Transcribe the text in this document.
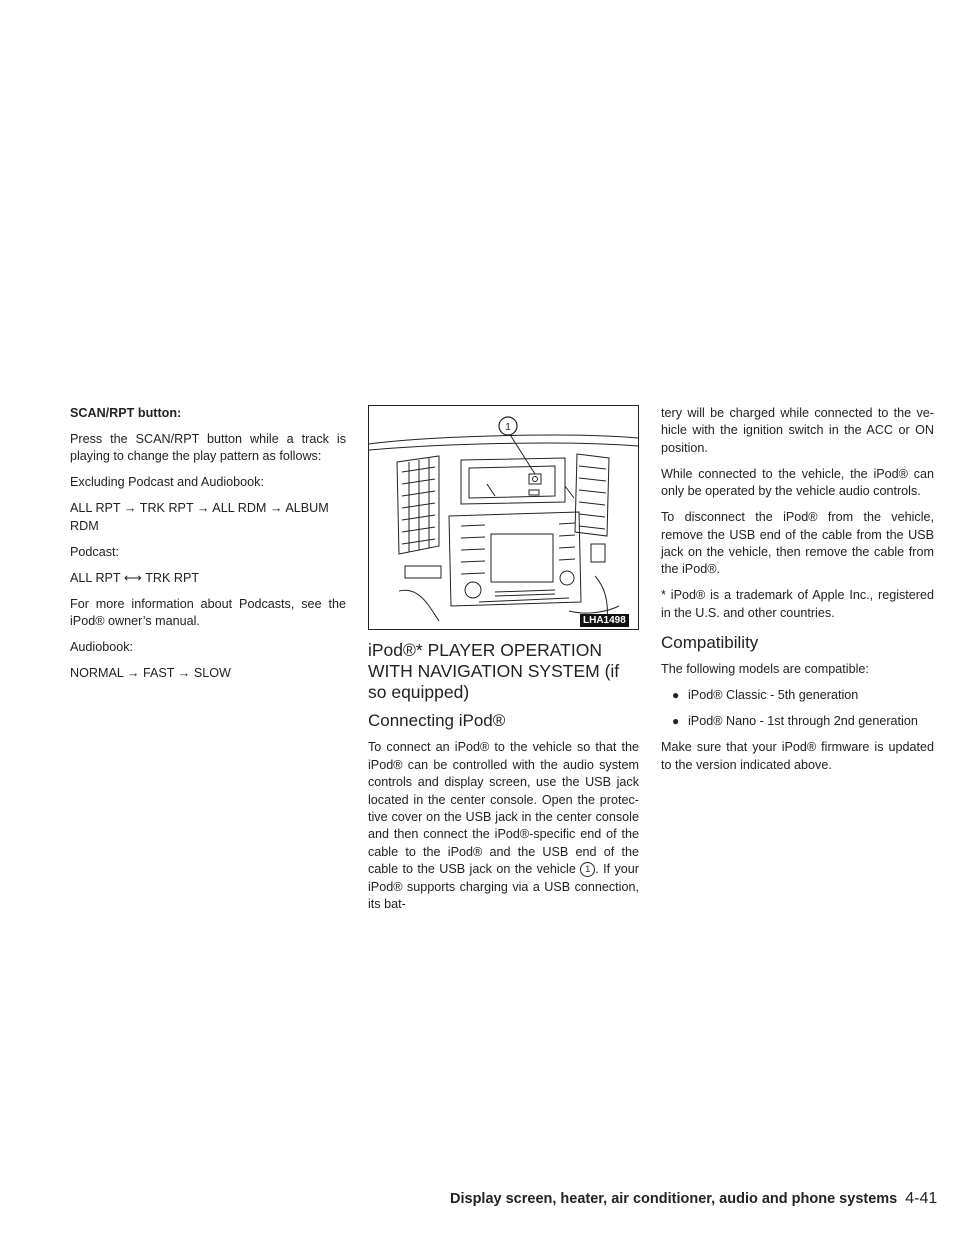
SCAN/RPT button:

Press the SCAN/RPT button while a track is playing to change the play pattern as follows:

Excluding Podcast and Audiobook:

ALL RPT → TRK RPT → ALL RDM → ALBUM RDM

Podcast:

ALL RPT ⟷ TRK RPT

For more information about Podcasts, see the iPod® owner’s manual.

Audiobook:

NORMAL → FAST → SLOW

1
LHA1498
iPod®* PLAYER OPERATION WITH NAVIGATION SYSTEM (if so equipped)
Connecting iPod®

To connect an iPod® to the vehicle so that the iPod® can be controlled with the audio system controls and display screen, use the USB jack located in the center console. Open the protec- tive cover on the USB jack in the center console and then connect the iPod®-specific end of the cable to the iPod® and the USB end of the cable to the USB jack on the vehicle 1 . If your iPod® supports charging via a USB connection, its bat-

tery will be charged while connected to the ve- hicle with the ignition switch in the ACC or ON position.

While connected to the vehicle, the iPod® can only be operated by the vehicle audio controls.

To disconnect the iPod® from the vehicle, remove the USB end of the cable from the USB jack on the vehicle, then remove the cable from the iPod®.

* iPod® is a trademark of Apple Inc., registered in the U.S. and other countries.

Compatibility

The following models are compatible:

● iPod® Classic - 5th generation
● iPod® Nano - 1st through 2nd generation

Make sure that your iPod® firmware is updated to the version indicated above.

Display screen, heater, air conditioner, audio and phone systems 4-41
